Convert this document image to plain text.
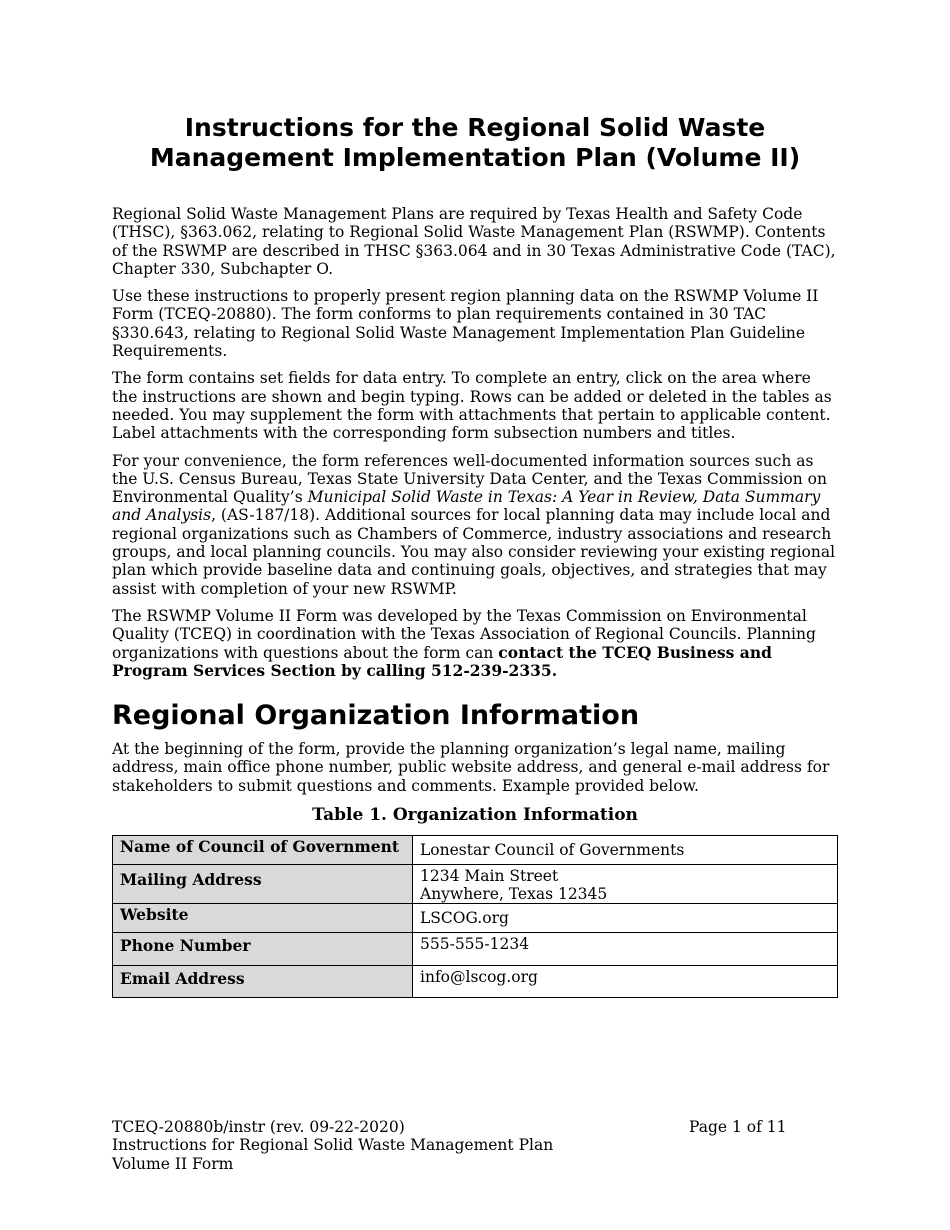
Instructions for the Regional Solid Waste
Management Implementation Plan (Volume II)

Regional Solid Waste Management Plans are required by Texas Health and Safety Code (THSC), §363.062, relating to Regional Solid Waste Management Plan (RSWMP). Contents of the RSWMP are described in THSC §363.064 and in 30 Texas Administrative Code (TAC), Chapter 330, Subchapter O.

Use these instructions to properly present region planning data on the RSWMP Volume II Form (TCEQ-20880). The form conforms to plan requirements contained in 30 TAC §330.643, relating to Regional Solid Waste Management Implementation Plan Guideline Requirements.

The form contains set fields for data entry. To complete an entry, click on the area where the instructions are shown and begin typing. Rows can be added or deleted in the tables as needed. You may supplement the form with attachments that pertain to applicable content. Label attachments with the corresponding form subsection numbers and titles.

For your convenience, the form references well-documented information sources such as the U.S. Census Bureau, Texas State University Data Center, and the Texas Commission on Environmental Quality’s Municipal Solid Waste in Texas: A Year in Review, Data Summary and Analysis, (AS-187/18). Additional sources for local planning data may include local and regional organizations such as Chambers of Commerce, industry associations and research groups, and local planning councils. You may also consider reviewing your existing regional plan which provide baseline data and continuing goals, objectives, and strategies that may assist with completion of your new RSWMP.

The RSWMP Volume II Form was developed by the Texas Commission on Environmental Quality (TCEQ) in coordination with the Texas Association of Regional Councils. Planning organizations with questions about the form can contact the TCEQ Business and Program Services Section by calling 512-239-2335.

Regional Organization Information

At the beginning of the form, provide the planning organization’s legal name, mailing address, main office phone number, public website address, and general e-mail address for stakeholders to submit questions and comments. Example provided below.

Table 1. Organization Information
Name of Council of Government	Lonestar Council of Governments
Mailing Address	1234 Main Street
Anywhere, Texas 12345
Website	LSCOG.org
Phone Number	555-555-1234
Email Address	info@lscog.org
TCEQ-20880b/instr (rev. 09-22-2020)
Instructions for Regional Solid Waste Management Plan
Volume II Form
Page 1 of 11
